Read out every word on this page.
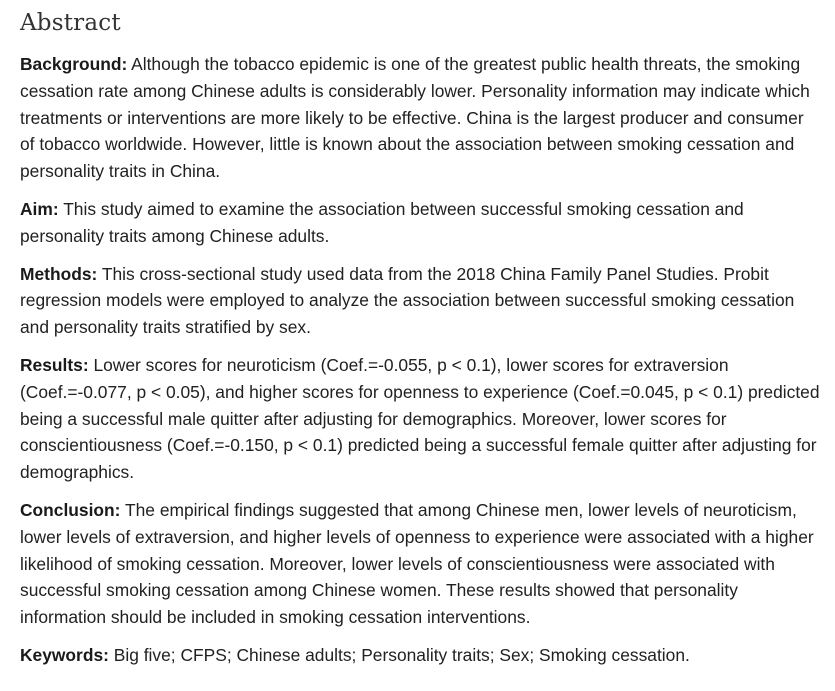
Abstract

Background: Although the tobacco epidemic is one of the greatest public health threats, the smoking cessation rate among Chinese adults is considerably lower. Personality information may indicate which treatments or interventions are more likely to be effective. China is the largest producer and consumer of tobacco worldwide. However, little is known about the association between smoking cessation and personality traits in China.

Aim: This study aimed to examine the association between successful smoking cessation and personality traits among Chinese adults.

Methods: This cross-sectional study used data from the 2018 China Family Panel Studies. Probit regression models were employed to analyze the association between successful smoking cessation and personality traits stratified by sex.

Results: Lower scores for neuroticism (Coef.=-0.055, p < 0.1), lower scores for extraversion (Coef.=-0.077, p < 0.05), and higher scores for openness to experience (Coef.=0.045, p < 0.1) predicted being a successful male quitter after adjusting for demographics. Moreover, lower scores for conscientiousness (Coef.=-0.150, p < 0.1) predicted being a successful female quitter after adjusting for demographics.

Conclusion: The empirical findings suggested that among Chinese men, lower levels of neuroticism, lower levels of extraversion, and higher levels of openness to experience were associated with a higher likelihood of smoking cessation. Moreover, lower levels of conscientiousness were associated with successful smoking cessation among Chinese women. These results showed that personality information should be included in smoking cessation interventions.

Keywords: Big five; CFPS; Chinese adults; Personality traits; Sex; Smoking cessation.
